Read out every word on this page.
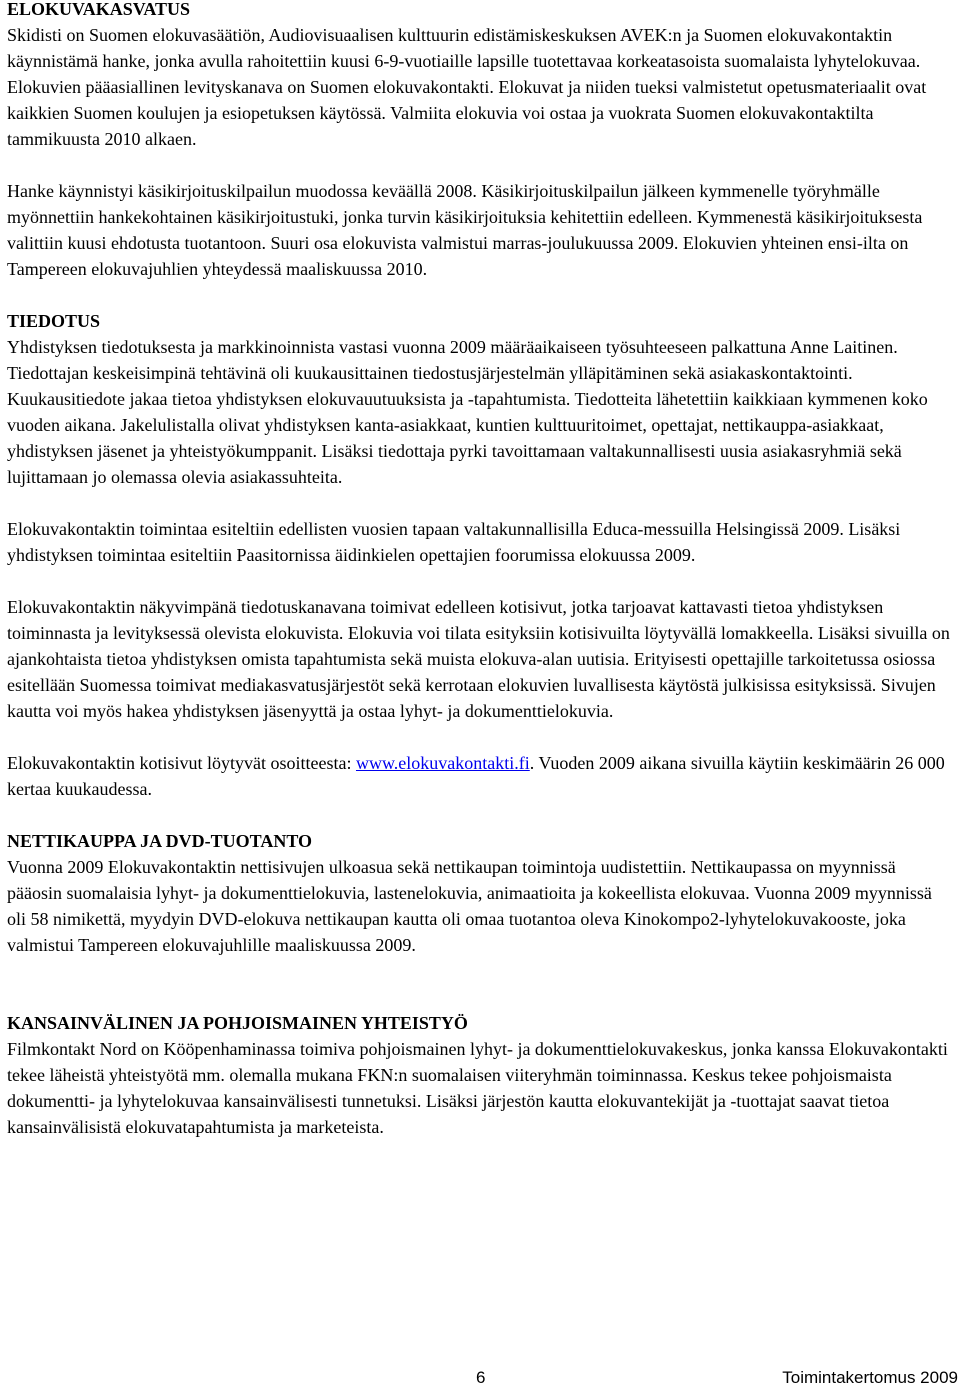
ELOKUVAKASVATUS

Skidisti on Suomen elokuvasäätiön, Audiovisuaalisen kulttuurin edistämiskeskuksen AVEK:n ja Suomen elokuvakontaktin käynnistämä hanke, jonka avulla rahoitettiin kuusi 6-9-vuotiaille lapsille tuotettavaa korkeatasoista suomalaista lyhytelokuvaa. Elokuvien pääasiallinen levityskanava on Suomen elokuvakontakti. Elokuvat ja niiden tueksi valmistetut opetusmateriaalit ovat kaikkien Suomen koulujen ja esiopetuksen käytössä. Valmiita elokuvia voi ostaa ja vuokrata Suomen elokuvakontaktilta tammikuusta 2010 alkaen.

Hanke käynnistyi käsikirjoituskilpailun muodossa keväällä 2008. Käsikirjoituskilpailun jälkeen kymmenelle työryhmälle myönnettiin hankekohtainen käsikirjoitustuki, jonka turvin käsikirjoituksia kehitettiin edelleen. Kymmenestä käsikirjoituksesta valittiin kuusi ehdotusta tuotantoon. Suuri osa elokuvista valmistui marras-joulukuussa 2009. Elokuvien yhteinen ensi-ilta on Tampereen elokuvajuhlien yhteydessä maaliskuussa 2010.

TIEDOTUS

Yhdistyksen tiedotuksesta ja markkinoinnista vastasi vuonna 2009 määräaikaiseen työsuhteeseen palkattuna Anne Laitinen. Tiedottajan keskeisimpinä tehtävinä oli kuukausittainen tiedostusjärjestelmän ylläpitäminen sekä asiakaskontaktointi. Kuukausitiedote jakaa tietoa yhdistyksen elokuvauutuuksista ja -tapahtumista. Tiedotteita lähetettiin kaikkiaan kymmenen koko vuoden aikana. Jakelulistalla olivat yhdistyksen kanta-asiakkaat, kuntien kulttuuritoimet, opettajat, nettikauppa-asiakkaat, yhdistyksen jäsenet ja yhteistyökumppanit. Lisäksi tiedottaja pyrki tavoittamaan valtakunnallisesti uusia asiakasryhmiä sekä lujittamaan jo olemassa olevia asiakassuhteita.

Elokuvakontaktin toimintaa esiteltiin edellisten vuosien tapaan valtakunnallisilla Educa-messuilla Helsingissä 2009. Lisäksi yhdistyksen toimintaa esiteltiin Paasitornissa äidinkielen opettajien foorumissa elokuussa 2009.

Elokuvakontaktin näkyvimpänä tiedotuskanavana toimivat edelleen kotisivut, jotka tarjoavat kattavasti tietoa yhdistyksen toiminnasta ja levityksessä olevista elokuvista. Elokuvia voi tilata esityksiin kotisivuilta löytyvällä lomakkeella. Lisäksi sivuilla on ajankohtaista tietoa yhdistyksen omista tapahtumista sekä muista elokuva-alan uutisia. Erityisesti opettajille tarkoitetussa osiossa esitellään Suomessa toimivat mediakasvatusjärjestöt sekä kerrotaan elokuvien luvallisesta käytöstä julkisissa esityksissä. Sivujen kautta voi myös hakea yhdistyksen jäsenyyttä ja ostaa lyhyt- ja dokumenttielokuvia.

Elokuvakontaktin kotisivut löytyvät osoitteesta: www.elokuvakontakti.fi. Vuoden 2009 aikana sivuilla käytiin keskimäärin 26 000 kertaa kuukaudessa.

NETTIKAUPPA JA DVD-TUOTANTO

Vuonna 2009 Elokuvakontaktin nettisivujen ulkoasua sekä nettikaupan toimintoja uudistettiin. Nettikaupassa on myynnissä pääosin suomalaisia lyhyt- ja dokumenttielokuvia, lastenelokuvia, animaatioita ja kokeellista elokuvaa. Vuonna 2009 myynnissä oli 58 nimikettä, myydyin DVD-elokuva nettikaupan kautta oli omaa tuotantoa oleva Kinokompo2-lyhytelokuvakooste, joka valmistui Tampereen elokuvajuhlille maaliskuussa 2009.

KANSAINVÄLINEN JA POHJOISMAINEN YHTEISTYÖ

Filmkontakt Nord on Kööpenhaminassa toimiva pohjoismainen lyhyt- ja dokumenttielokuvakeskus, jonka kanssa Elokuvakontakti tekee läheistä yhteistyötä mm. olemalla mukana FKN:n suomalaisen viiteryhmän toiminnassa. Keskus tekee pohjoismaista dokumentti- ja lyhytelokuvaa kansainvälisesti tunnetuksi. Lisäksi järjestön kautta elokuvantekijät ja -tuottajat saavat tietoa kansainvälisistä elokuvatapahtumista ja marketeista.

6	Toimintakertomus 2009
